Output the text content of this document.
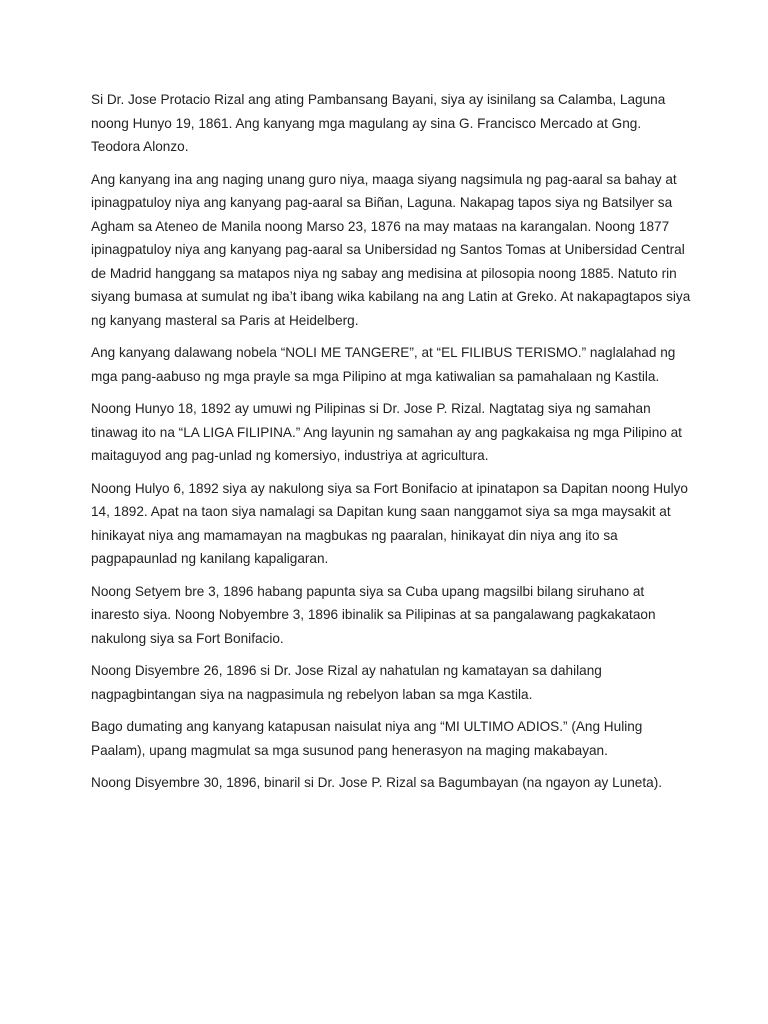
Si Dr. Jose Protacio Rizal ang ating Pambansang Bayani, siya ay isinilang sa Calamba, Laguna noong Hunyo 19, 1861. Ang kanyang mga magulang ay sina G. Francisco Mercado at Gng. Teodora Alonzo.

Ang kanyang ina ang naging unang guro niya, maaga siyang nagsimula ng pag-aaral sa bahay at ipinagpatuloy niya ang kanyang pag-aaral sa Biñan, Laguna. Nakapag tapos siya ng Batsilyer sa Agham sa Ateneo de Manila noong Marso 23, 1876 na may mataas na karangalan. Noong 1877 ipinagpatuloy niya ang kanyang pag-aaral sa Unibersidad ng Santos Tomas at Unibersidad Central de Madrid hanggang sa matapos niya ng sabay ang medisina at pilosopia noong 1885. Natuto rin siyang bumasa at sumulat ng iba’t ibang wika kabilang na ang Latin at Greko. At nakapagtapos siya ng kanyang masteral sa Paris at Heidelberg.

Ang kanyang dalawang nobela “NOLI ME TANGERE”, at “EL FILIBUS TERISMO.” naglalahad ng mga pang-aabuso ng mga prayle sa mga Pilipino at mga katiwalian sa pamahalaan ng Kastila.

Noong Hunyo 18, 1892 ay umuwi ng Pilipinas si Dr. Jose P. Rizal. Nagtatag siya ng samahan tinawag ito na “LA LIGA FILIPINA.” Ang layunin ng samahan ay ang pagkakaisa ng mga Pilipino at maitaguyod ang pag-unlad ng komersiyo, industriya at agricultura.

Noong Hulyo 6, 1892 siya ay nakulong siya sa Fort Bonifacio at ipinatapon sa Dapitan noong Hulyo 14, 1892. Apat na taon siya namalagi sa Dapitan kung saan nanggamot siya sa mga maysakit at hinikayat niya ang mamamayan na magbukas ng paaralan, hinikayat din niya ang ito sa pagpapaunlad ng kanilang kapaligaran.

Noong Setyem bre 3, 1896 habang papunta siya sa Cuba upang magsilbi bilang siruhano at inaresto siya. Noong Nobyembre 3, 1896 ibinalik sa Pilipinas at sa pangalawang pagkakataon nakulong siya sa Fort Bonifacio.

Noong Disyembre 26, 1896 si Dr. Jose Rizal ay nahatulan ng kamatayan sa dahilang nagpagbintangan siya na nagpasimula ng rebelyon laban sa mga Kastila.

Bago dumating ang kanyang katapusan naisulat niya ang “MI ULTIMO ADIOS.” (Ang Huling Paalam), upang magmulat sa mga susunod pang henerasyon na maging makabayan.

Noong Disyembre 30, 1896, binaril si Dr. Jose P. Rizal sa Bagumbayan (na ngayon ay Luneta).
